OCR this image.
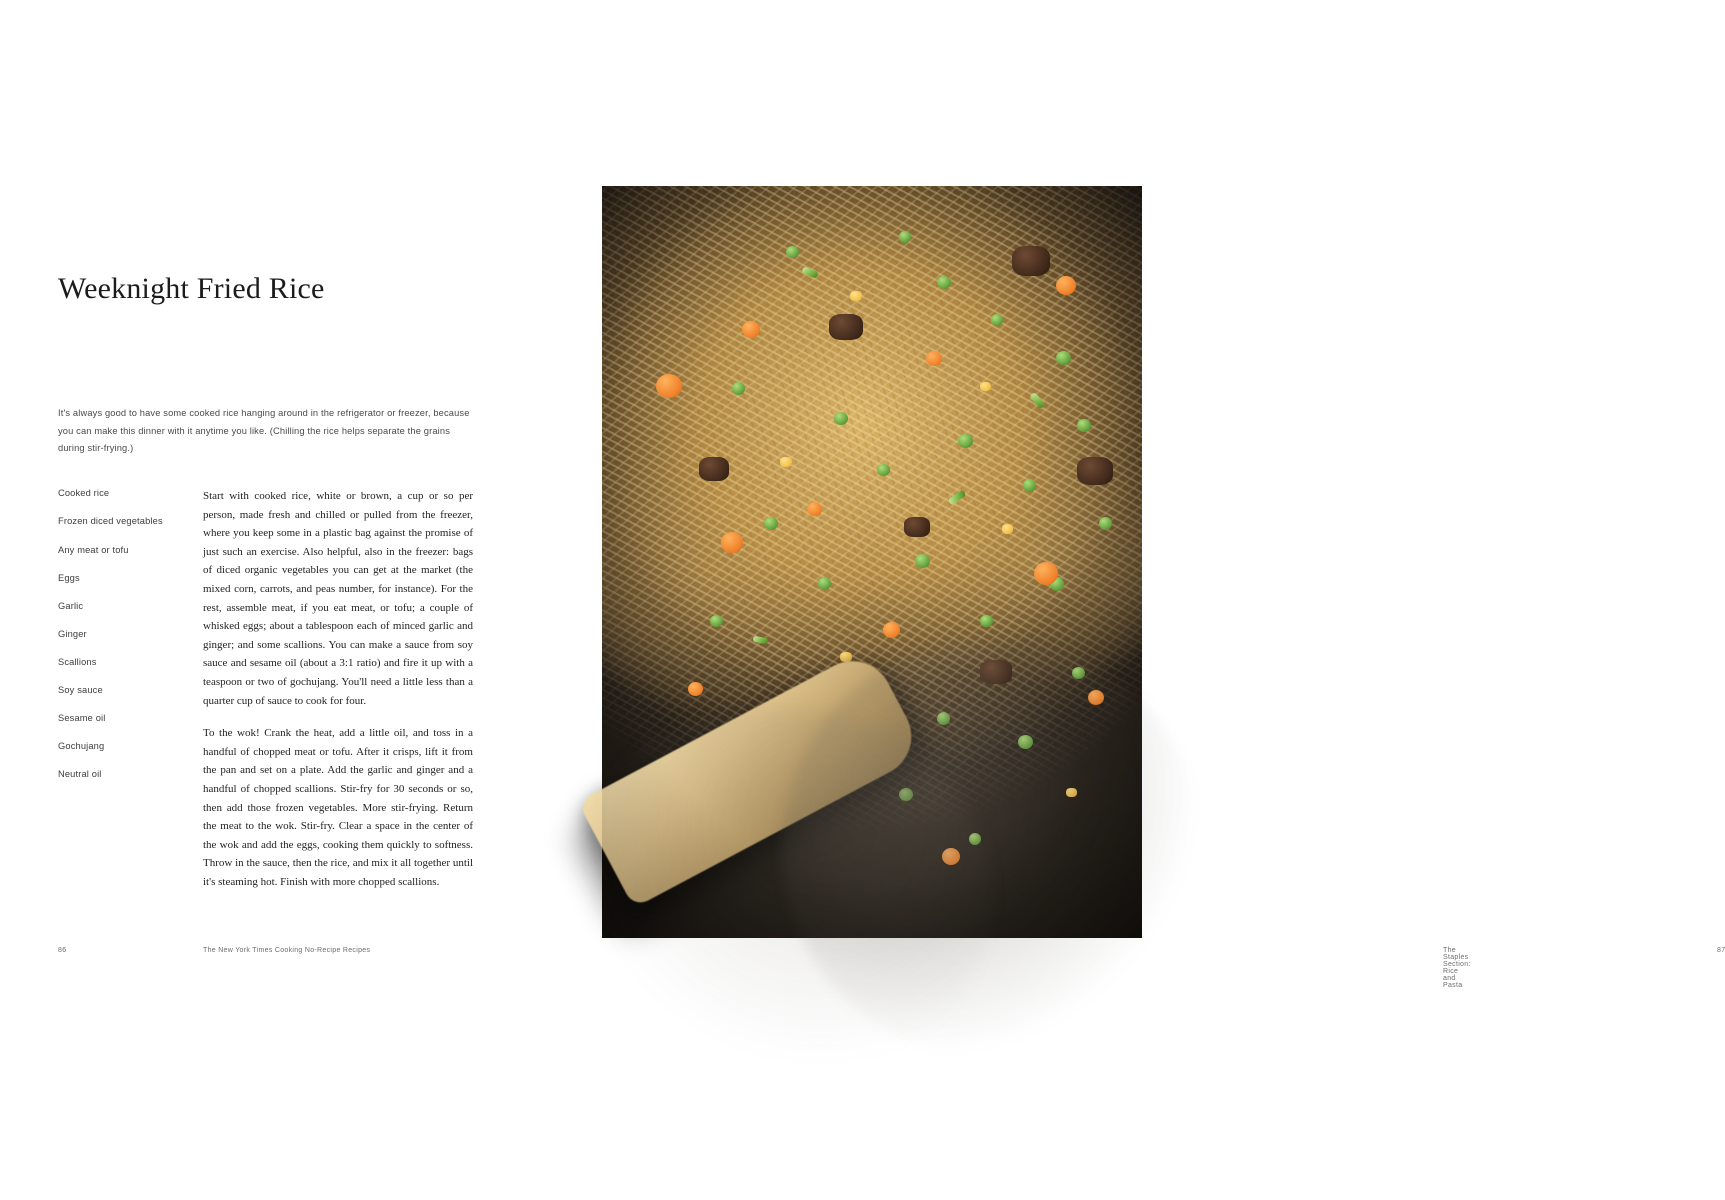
Weeknight Fried Rice

It's always good to have some cooked rice hanging around in the refrigerator or freezer, because you can make this dinner with it anytime you like. (Chilling the rice helps separate the grains during stir-frying.)

Cooked rice
Frozen diced vegetables
Any meat or tofu
Eggs
Garlic
Ginger
Scallions
Soy sauce
Sesame oil
Gochujang
Neutral oil

Start with cooked rice, white or brown, a cup or so per person, made fresh and chilled or pulled from the freezer, where you keep some in a plastic bag against the promise of just such an exercise. Also helpful, also in the freezer: bags of diced organic vegetables you can get at the market (the mixed corn, carrots, and peas number, for instance). For the rest, assemble meat, if you eat meat, or tofu; a couple of whisked eggs; about a tablespoon each of minced garlic and ginger; and some scallions. You can make a sauce from soy sauce and sesame oil (about a 3:1 ratio) and fire it up with a teaspoon or two of gochujang. You'll need a little less than a quarter cup of sauce to cook for four.

To the wok! Crank the heat, add a little oil, and toss in a handful of chopped meat or tofu. After it crisps, lift it from the pan and set on a plate. Add the garlic and ginger and a handful of chopped scallions. Stir-fry for 30 seconds or so, then add those frozen vegetables. More stir-frying. Return the meat to the wok. Stir-fry. Clear a space in the center of the wok and add the eggs, cooking them quickly to softness. Throw in the sauce, then the rice, and mix it all together until it's steaming hot. Finish with more chopped scallions.

86	The New York Times Cooking No-Recipe Recipes	The Staples Section: Rice and Pasta
87
